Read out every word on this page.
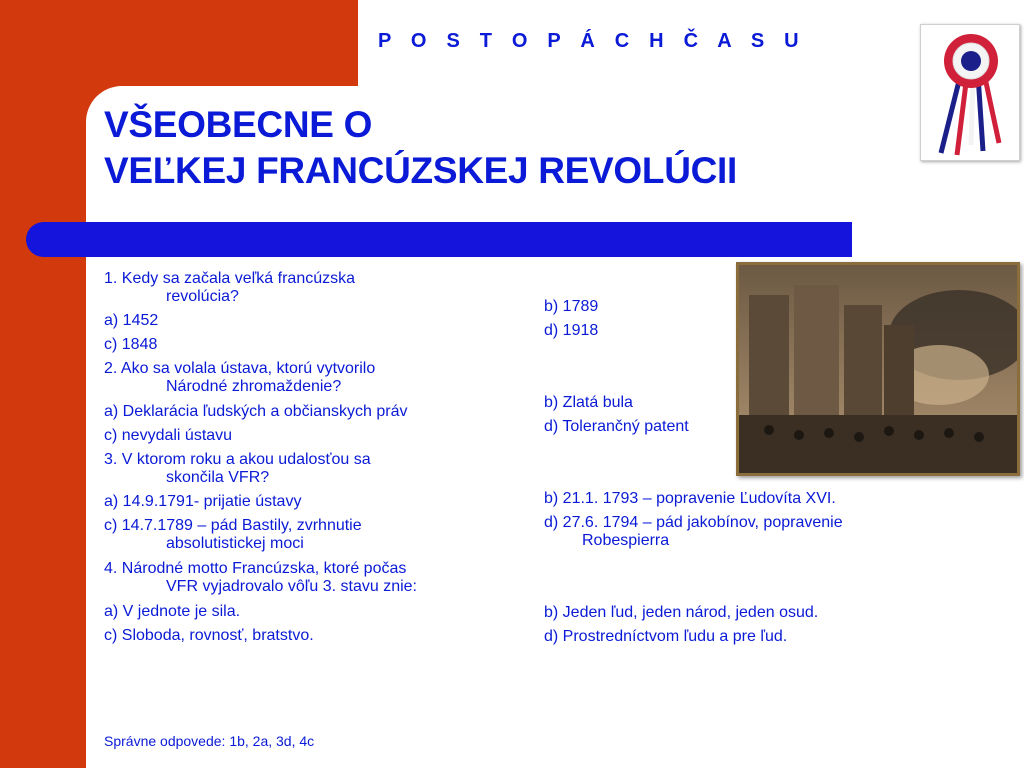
P O S T O P Á C H Č A S U
VŠEOBECNE O
VEĽKEJ FRANCÚZSKEJ REVOLÚCII
1. Kedy sa začala veľká francúzska
revolúcia?
a) 1452
c) 1848
b) 1789
d) 1918
2. Ako sa volala ústava, ktorú vytvorilo
Národné zhromaždenie?
a) Deklarácia ľudských a občianskych práv
c) nevydali ústavu
b) Zlatá bula
d) Tolerančný patent
3. V ktorom roku a akou udalosťou sa
skončila VFR?
a) 14.9.1791- prijatie ústavy
c) 14.7.1789 – pád Bastily, zvrhnutie
absolutistickej moci
b) 21.1. 1793 – popravenie Ľudovíta XVI.
d) 27.6. 1794 – pád jakobínov, popravenie
Robespierra
4. Národné motto Francúzska, ktoré počas
VFR vyjadrovalo vôľu 3. stavu znie:
a) V jednote je sila.
c) Sloboda, rovnosť, bratstvo.
b) Jeden ľud, jeden národ, jeden osud.
d) Prostredníctvom ľudu a pre ľud.
Správne odpovede: 1b, 2a, 3d, 4c
